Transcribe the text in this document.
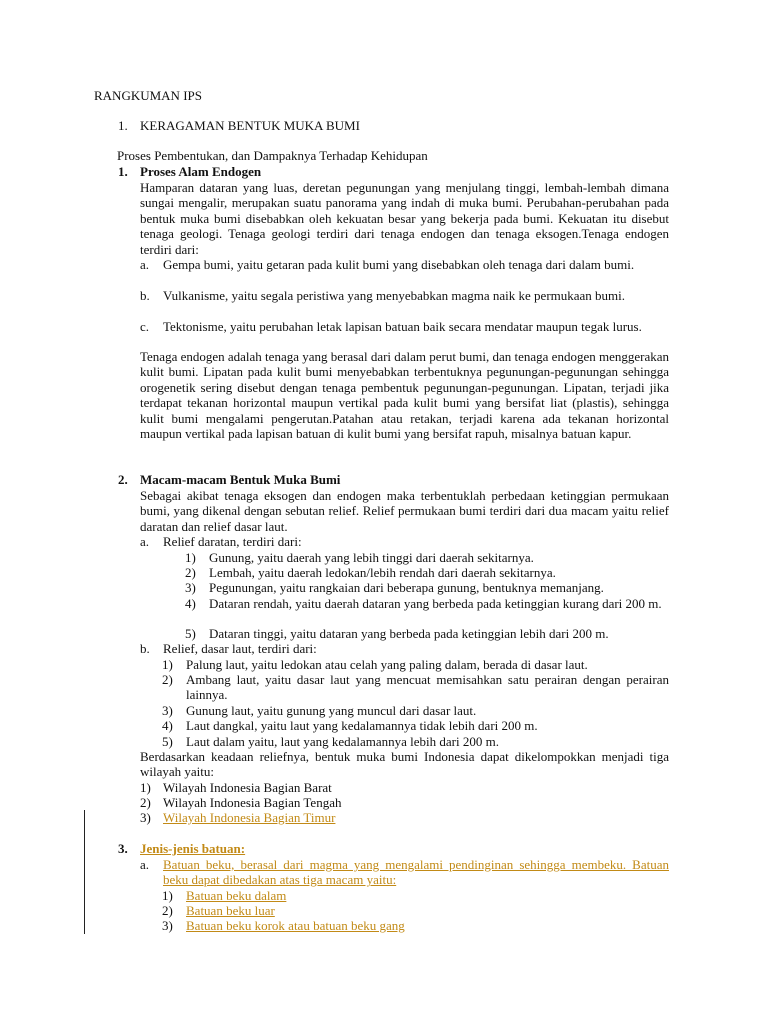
RANGKUMAN IPS
1. KERAGAMAN BENTUK MUKA BUMI
Proses Pembentukan, dan Dampaknya Terhadap Kehidupan
1. Proses Alam Endogen
Hamparan dataran yang luas, deretan pegunungan yang menjulang tinggi, lembah-lembah dimana sungai mengalir, merupakan suatu panorama yang indah di muka bumi. Perubahan-perubahan pada bentuk muka bumi disebabkan oleh kekuatan besar yang bekerja pada bumi. Kekuatan itu disebut tenaga geologi. Tenaga geologi terdiri dari tenaga endogen dan tenaga eksogen.Tenaga endogen terdiri dari:
a. Gempa bumi, yaitu getaran pada kulit bumi yang disebabkan oleh tenaga dari dalam bumi.
b. Vulkanisme, yaitu segala peristiwa yang menyebabkan magma naik ke permukaan bumi.
c. Tektonisme, yaitu perubahan letak lapisan batuan baik secara mendatar maupun tegak lurus.
Tenaga endogen adalah tenaga yang berasal dari dalam perut bumi, dan tenaga endogen menggerakan kulit bumi. Lipatan pada kulit bumi menyebabkan terbentuknya pegunungan-pegunungan sehingga orogenetik sering disebut dengan tenaga pembentuk pegunungan-pegunungan. Lipatan, terjadi jika terdapat tekanan horizontal maupun vertikal pada kulit bumi yang bersifat liat (plastis), sehingga kulit bumi mengalami pengerutan.Patahan atau retakan, terjadi karena ada tekanan horizontal maupun vertikal pada lapisan batuan di kulit bumi yang bersifat rapuh, misalnya batuan kapur.
2. Macam-macam Bentuk Muka Bumi
Sebagai akibat tenaga eksogen dan endogen maka terbentuklah perbedaan ketinggian permukaan bumi, yang dikenal dengan sebutan relief. Relief permukaan bumi terdiri dari dua macam yaitu relief daratan dan relief dasar laut.
a. Relief daratan, terdiri dari:
1) Gunung, yaitu daerah yang lebih tinggi dari daerah sekitarnya.
2) Lembah, yaitu daerah ledokan/lebih rendah dari daerah sekitarnya.
3) Pegunungan, yaitu rangkaian dari beberapa gunung, bentuknya memanjang.
4) Dataran rendah, yaitu daerah dataran yang berbeda pada ketinggian kurang dari 200 m.
5) Dataran tinggi, yaitu dataran yang berbeda pada ketinggian lebih dari 200 m.
b. Relief, dasar laut, terdiri dari:
1) Palung laut, yaitu ledokan atau celah yang paling dalam, berada di dasar laut.
2) Ambang laut, yaitu dasar laut yang mencuat memisahkan satu perairan dengan perairan lainnya.
3) Gunung laut, yaitu gunung yang muncul dari dasar laut.
4) Laut dangkal, yaitu laut yang kedalamannya tidak lebih dari 200 m.
5) Laut dalam yaitu, laut yang kedalamannya lebih dari 200 m.
Berdasarkan keadaan reliefnya, bentuk muka bumi Indonesia dapat dikelompokkan menjadi tiga wilayah yaitu:
1) Wilayah Indonesia Bagian Barat
2) Wilayah Indonesia Bagian Tengah
3) Wilayah Indonesia Bagian Timur
3. Jenis-jenis batuan:
a. Batuan beku, berasal dari magma yang mengalami pendinginan sehingga membeku. Batuan beku dapat dibedakan atas tiga macam yaitu:
1) Batuan beku dalam
2) Batuan beku luar
3) Batuan beku korok atau batuan beku gang
